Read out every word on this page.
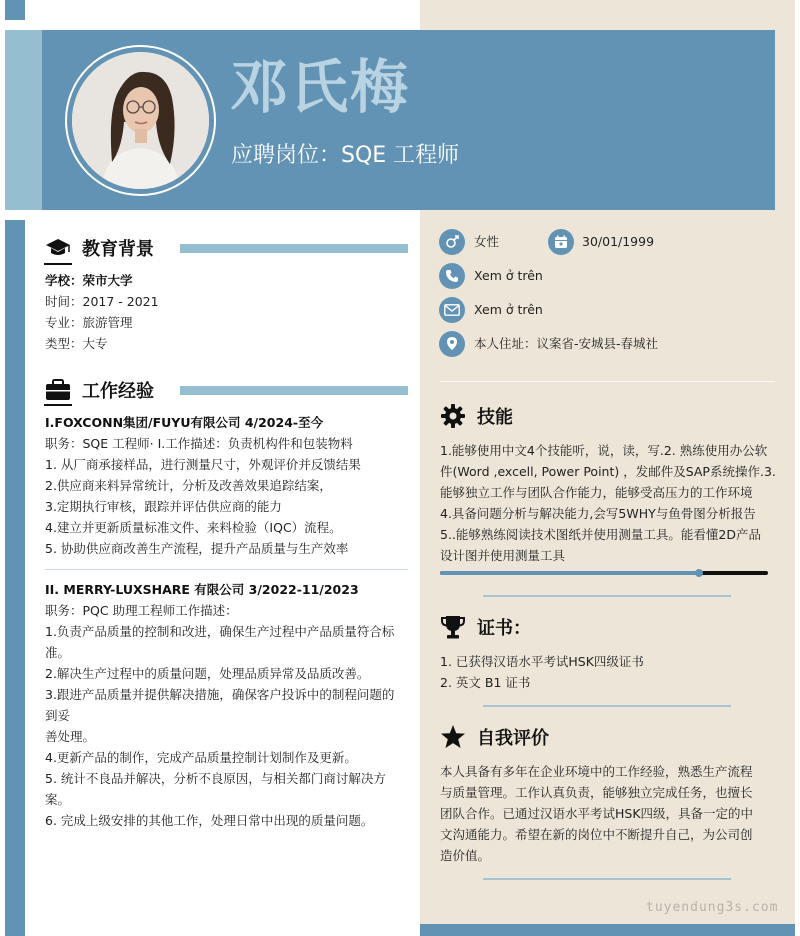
邓氏梅
应聘岗位：SQE 工程师
教育背景
学校：荣市大学
时间：2017 - 2021
专业：旅游管理
类型：大专
工作经验
I.FOXCONN集团/FUYU有限公司 4/2024-至今
职务：SQE 工程师· I.工作描述：负责机构件和包装物料
1. 从厂商承接样品，进行测量尺寸，外观评价并反馈结果
2.供应商来料异常统计，分析及改善效果追踪结案，
3.定期执行审核，跟踪并评估供应商的能力
4.建立并更新质量标准文件、来料检验（IQC）流程。
5. 协助供应商改善生产流程，提升产品质量与生产效率
II. MERRY-LUXSHARE 有限公司 3/2022-11/2023
职务：PQC 助理工程师工作描述：
1.负责产品质量的控制和改进，确保生产过程中产品质量符合标
准。
2.解决生产过程中的质量问题，处理品质异常及品质改善。
3.跟进产品质量并提供解决措施，确保客户投诉中的制程问题的
到妥
善处理。
4.更新产品的制作，完成产品质量控制计划制作及更新。
5. 统计不良品并解决，分析不良原因，与相关都门商讨解决方
案。
6. 完成上级安排的其他工作，处理日常中出现的质量问题。
女性	30/01/1999
Xem ở trên
Xem ở trên
本人住址：议案省-安城县-春城社
技能
1.能够使用中文4个技能听，说，读，写.2. 熟练使用办公软
件(Word ,excell, Power Point) ，发邮件及SAP系统操作.3.
能够独立工作与团队合作能力，能够受高压力的工作环境
4.具备问题分析与解决能力,会写5WHY与鱼骨图分析报告
5..能够熟练阅读技术图纸并使用测量工具。能看懂2D产品
设计图并使用测量工具
证书：
1. 已获得汉语水平考试HSK四级证书
2. 英文 B1 证书
自我评价
本人具备有多年在企业环境中的工作经验，熟悉生产流程
与质量管理。工作认真负责，能够独立完成任务，也擅长
团队合作。已通过汉语水平考试HSK四级，具备一定的中
文沟通能力。希望在新的岗位中不断提升自己，为公司创
造价值。
tuyendung3s.com
